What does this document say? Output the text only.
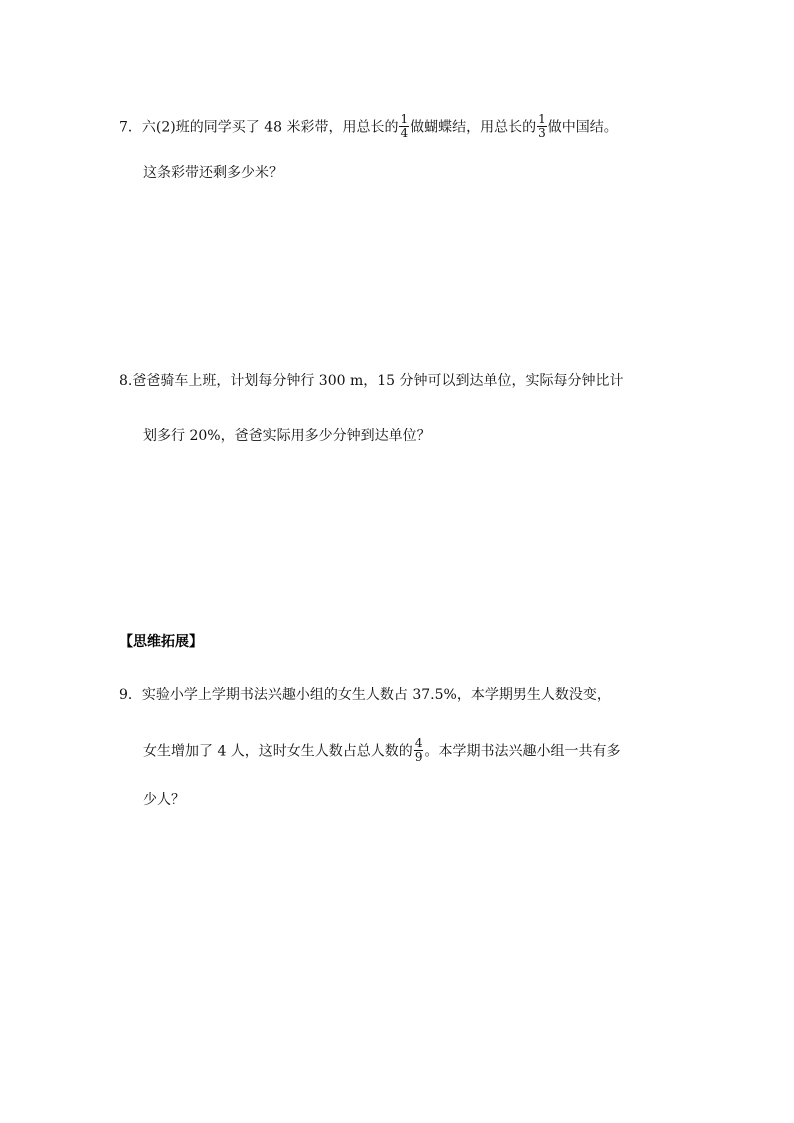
7．六(2)班的同学买了 48 米彩带，用总长的 $\frac{1}{4}$ 做蝴蝶结，用总长的 $\frac{1}{3}$ 做中国结。
这条彩带还剩多少米？
8.爸爸骑车上班，计划每分钟行 300 m，15 分钟可以到达单位，实际每分钟比计
划多行 20%，爸爸实际用多少分钟到达单位？
【思维拓展】
9．实验小学上学期书法兴趣小组的女生人数占 37.5%，本学期男生人数没变，
女生增加了 4 人，这时女生人数占总人数的 $\frac{4}{9}$ 。本学期书法兴趣小组一共有多
少人？
